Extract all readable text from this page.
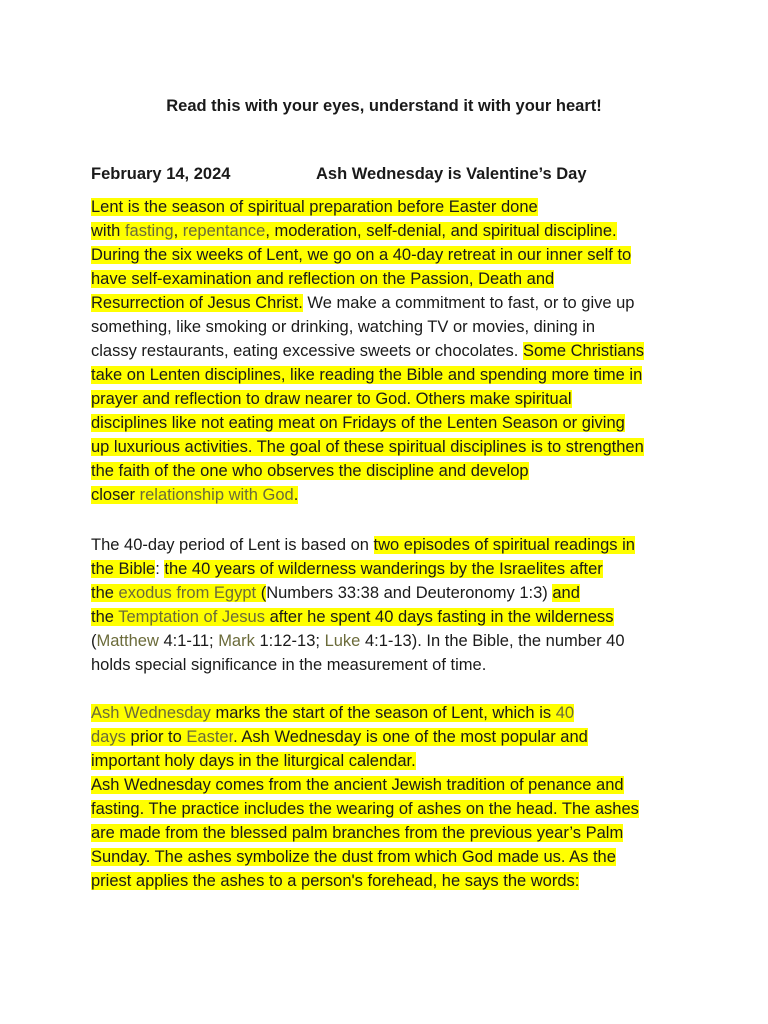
Read this with your eyes, understand it with your heart!
February 14, 2024	Ash Wednesday is Valentine’s Day
Lent is the season of spiritual preparation before Easter done
with fasting, repentance, moderation, self-denial, and spiritual discipline.
During the six weeks of Lent, we go on a 40-day retreat in our inner self to
have self-examination and reflection on the Passion, Death and
Resurrection of Jesus Christ. We make a commitment to fast, or to give up
something, like smoking or drinking, watching TV or movies, dining in
classy restaurants, eating excessive sweets or chocolates. Some Christians
take on Lenten disciplines, like reading the Bible and spending more time in
prayer and reflection to draw nearer to God. Others make spiritual
disciplines like not eating meat on Fridays of the Lenten Season or giving
up luxurious activities. The goal of these spiritual disciplines is to strengthen
the faith of the one who observes the discipline and develop
closer relationship with God.
The 40-day period of Lent is based on two episodes of spiritual readings in
the Bible: the 40 years of wilderness wanderings by the Israelites after
the exodus from Egypt (Numbers 33:38 and Deuteronomy 1:3) and
the Temptation of Jesus after he spent 40 days fasting in the wilderness
(Matthew 4:1-11; Mark 1:12-13; Luke 4:1-13). In the Bible, the number 40
holds special significance in the measurement of time.
Ash Wednesday marks the start of the season of Lent, which is 40
days prior to Easter. Ash Wednesday is one of the most popular and
important holy days in the liturgical calendar.
Ash Wednesday comes from the ancient Jewish tradition of penance and
fasting. The practice includes the wearing of ashes on the head. The ashes
are made from the blessed palm branches from the previous year’s Palm
Sunday. The ashes symbolize the dust from which God made us. As the
priest applies the ashes to a person's forehead, he says the words:
